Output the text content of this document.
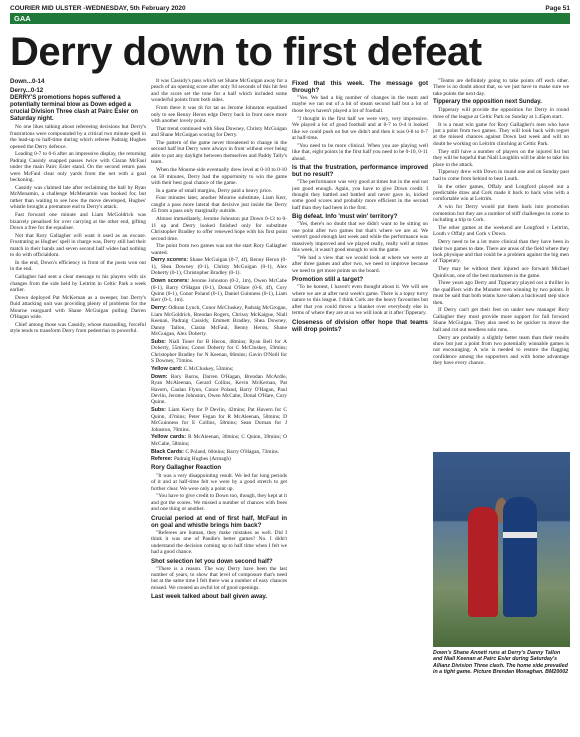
COURIER MID ULSTER -WEDNESDAY, 5th February 2020	Page 51
GAA
Derry down to first defeat

Down...0-14

Derry...0-12

DERRY'S promotions hopes suffered a potentially terminal blow as Down edged a crucial Division Three clash at Pairc Esler on Saturday night.

No one likes talking about refereeing decisions but Derry's frustrations were compounded by a critical two minute spell in the lead-up to half-time during which referee Padraig Hughes opened the Derry defence.

Leading 0-7 to 0-6 after an impressive display, the returning Padraig Cassidy snapped passes twice with Ciaran McFaul under the main Pairc Esler stand. On the second return pass were McFaul clear only yards from the net with a goal beckoning.

Cassidy was claimed late after reclaiming the ball by Ryan McMenamin, a challenge McMenamin was booked for, but rather than waiting to see how the move developed, Hughes' whistle brought a premature end to Derry's attack.

Fast forward one minute and Liam McGoldrick was bizarrely penalised for over carrying at the other end, gifting Down a free for the equaliser.

Not that Rory Gallagher will want it used as an excuse. Frustrating as Hughes' spell in charge was, Derry still had their match in their hands and seven second half wides had nothing to do with officialdom.

In the end, Down's efficiency in front of the posts won out in the end.

Gallagher had sent a clear message to his players with six changes from the side held by Leitrim in Celtic Park a week earlier.

Down deployed Pat McKernan as a sweeper, but Derry's fluid attacking unit was providing plenty of problems for the Mourne rearguard with Shane McGuigan pulling Darren O'Hagan wide.

Chief among those was Cassidy, whose marauding, forceful style tends to transform Derry from pedestrian to powerful.

It was Cassidy's pass which set Shane McGuigan away for a peach of an opening score after only 94 seconds of this hit fest and the score set the tone for a half which included some wonderful points from both sides.

From there it was tit for tat as Jerome Johnston equalised only to see Benny Heron edge Derry back in front once more with another lovely point.

That trend continued with Shea Downey, Christy McGuigan and Shane McGuigan scoring for Derry.

The pattern of the game never threatened to change in the second half but Derry were always in front without ever being able to put any daylight between themselves and Paddy Tally's team.

When the Mourne side eventually drew level at 0-10 to 0-10 on 50 minutes, Derry had the opportunity to win the game with their best goal chance of the game.

In a game of small margins, Derry paid a heavy price.

Four minutes later, another Mourne substitute, Liam Kerr, caught a pass more lateral that decisive just inside the Derry 45 from a pass only marginally outside.

Almost immediately, Jerome Johnston put Down 0-13 to 0-11 up and Derry looked finished only for substitute Christopher Bradley to offer renewed hope with his first point second time.

The point from two games was not the start Rory Gallagher wanted.

Derry scorers: Shane McGuigan (0-7, 4f), Benny Heron (0-1), Shea Downey (0-1), Christy McGuigan (0-1), Alex Doherty (0-1), Christopher Bradley (0-1).

Down scorers: Jerome Johnston (0-2, 1m), Owen McCabe (0-1), Barry O'Hagan (0-1), Donal O'Hare (0-6, 4f), Cory Quinn (0-1), Conor Poland (0-1), Daniel Guinness (0-1), Liam Kerr (0-1, 1m).

Derry: Odhran Lynch, Conor McCluskey, Padraig McGrogan, Liam McGoldrick, Brendan Rogers, Chrissy McKaigue, Niall Keenan, Padraig Cassidy, Emmett Bradley, Shea Downey, Danny Tallon, Ciaran McFaul, Benny Heron, Shane McGuigan, Alex Doherty.

Subs: Niall Toner for B Heron, 48mins; Ryan Bell for A Doherty, 55mins; Conor Doherty for C McCluskey, 59mins; Christopher Bradley for N Keenan, 66mins; Gavin O'Neill for S Downey, 71mins.

Yellow card: C McCluskey, 53mins;

Down: Rory Burns, Darren O'Hagan, Brendan McArdle, Ryan McAleenan, Gerard Collins, Kevin McKernan, Pat Havern, Caolan Flynn, Conor Poland, Barry O'Hagan, Paul Devlin, Jerome Johnston, Owen McCabe, Donal O'Hare, Cory Quinn.

Subs: Liam Kerry for P Devlin, 42mins; Pat Havern for C Quinn, 47mins; Peter Fegan for R McAleenan, 50mins; D McGuinness for E Collins, 58mins; Sean Dornan for J Johnston, 70mins.

Yellow cards: R McAleenan, 30mins; C Quinn, 39mins; O McCabe, 58mins;

Black Cards: C Poland, 60mins; Barry O'Hagan, 73mins.

Referee: Padraig Hughes (Armagh)

Rory Gallagher Reaction

"It was a very disappointing result. We led for long periods of it and at half-time felt we were by a good stretch to get further clear. We were only a point up.

"You have to give credit to Down too, though, they kept at it and got the scores. We missed a number of chances with frees and one thing or another.

Crucial period at end of first half, McFaul in on goal and whistle brings him back?

"Referees are human, they make mistakes as well. Did I think it was one of Paudie's better games? No. I didn't understand the decision coming up to half time when I felt we had a good chance.

Shot selection let you down second half?

"There is a reason. The way Derry have been the last number of years, to show that level of composure that's need but at the same time I felt there was a number of easy chances missed. We created an awful lot of good openings.

Last week talked about ball given away.

Fixed that this week. The message got through?

"Yes. We had a big number of changes in the team and maybe we ran out of a bit of steam second half but a lot of those boys haven't played a lot of football.

"I thought in the first half we were very, very impressive. We played a lot of good football and at 0-7 to 0-4 it looked like we could push on but we didn't and then it was 0-8 to 0-7 at half-time.

"You need to be more clinical. When you are playing well like that, eight points in the first half you need to be 0-10, 0-11 ahead.

Is that the frustration, performance improved but no result?

"The performance was very good at times but in the end not just good enough. Again, you have to give Down credit. I thought they battled and battled and never gave in, kicked some good scores and probably more efficient in the second half than they had been in the first.

Big defeat. Info 'must win' territory?

"Yes, there's no doubt that we didn't want to be sitting on one point after two games but that's where we are at. We weren't good enough last week and while the performance was massively improved and we played really, really well at times this week, it wasn't good enough to win the game.

"We had a view that we would look at where we were at after three games and after two, we need to improve because we need to get more points on the board.

Promotion still a target?

"To be honest, I haven't even thought about it. We will see where we are at after next week's game. There is a topsy turvy nature to this league. I think Cork are the heavy favourites but after that you could throw a blanket over everybody else in terms of where they are at so we will look at it after Tipperary.

Closeness of division offer hope that teams will drop points?

"Teams are definitely going to take points off each other. There is no doubt about that, so we just have to make sure we take points the next day.

Tipperary the opposition next Sunday.

Tipperary will provide the opposition for Derry in round three of the league at Celtic Park on Sunday at 1.45pm start.

It is a must win game for Rory Gallagher's men who have just a point from two games. They will look back with regret at the missed chances against Down last week and will no doubt be working on Leitrim clinching at Celtic Park.

They still have a number of players on the injured list but they will be hopeful that Niall Loughlin will be able to take his place in the attack.

Tipperary drew with Down in round one and on Sunday past had to come from behind to beat Louth.

In the other games, Offaly and Longford played out a predictable draw and Cork made it back to back wins with a comfortable win at Leitrim.

A win for Derry would put them back into promotion contention but they are a number of stiff challenges to come to including a trip to Cork.

The other games at the weekend are Longford v Leitrim, Louth v Offaly and Cork v Down.

Derry need to be a lot more clinical than they have been in their two games to date. There are areas of the field where they look physique and that could be a problem against the big men of Tipperary.

They may be without their injured ace forward Michael Quinlivan, one of the best marksmen in the game.

Three years ago Derry and Tipperary played out a thriller in the qualifiers with the Munster men winning by two points. It must be said that both teams have taken a backward step since then.

If Derry can't get their feet on under new manager Rory Gallagher they must provide more support for full forward Shane McGuigan. They also need to be quicker to move the ball and cut out needless solo runs.

Derry are probably a slightly better team than their results show but just a point from two potentially winnable games is not encouraging. A win is needed to restore the flagging confidence among the supporters and with home advantage they have every chance.

Down's Shane Annett runs at Derry's Danny Tallon and Niall Keenan at Pairc Esler during Saturday's Allianz Division Three clash. The home side prevailed in a tight game. Picture Brendan Monaghan. BM20002
